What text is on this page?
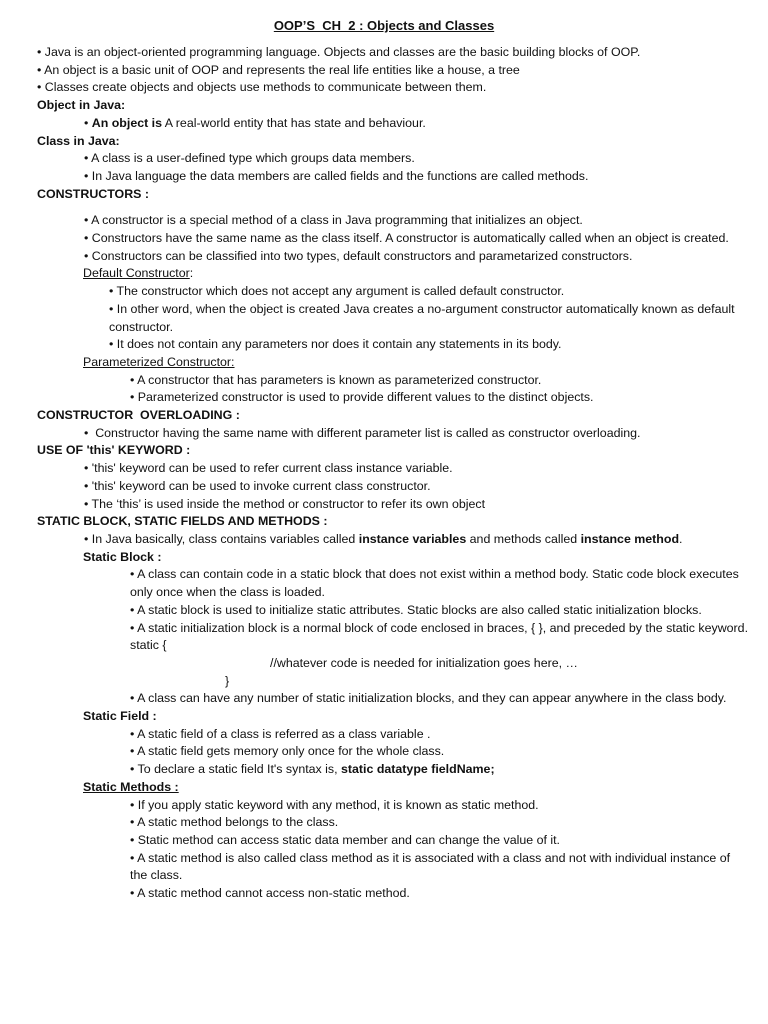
OOP’S_CH_2 : Objects and Classes
• Java is an object-oriented programming language. Objects and classes are the basic building blocks of OOP.
• An object is a basic unit of OOP and represents the real life entities like a house, a tree
• Classes create objects and objects use methods to communicate between them.
Object in Java:
• An object is A real-world entity that has state and behaviour.
Class in Java:
• A class is a user-defined type which groups data members.
• In Java language the data members are called fields and the functions are called methods.
CONSTRUCTORS :
• A constructor is a special method of a class in Java programming that initializes an object.
• Constructors have the same name as the class itself. A constructor is automatically called when an object is created.
• Constructors can be classified into two types, default constructors and parametarized constructors.
Default Constructor:
• The constructor which does not accept any argument is called default constructor.
• In other word, when the object is created Java creates a no-argument constructor automatically known as default constructor.
• It does not contain any parameters nor does it contain any statements in its body.
Parameterized Constructor:
• A constructor that has parameters is known as parameterized constructor.
• Parameterized constructor is used to provide different values to the distinct objects.
CONSTRUCTOR  OVERLOADING :
•  Constructor having the same name with different parameter list is called as constructor overloading.
USE OF 'this' KEYWORD :
• 'this' keyword can be used to refer current class instance variable.
• 'this' keyword can be used to invoke current class constructor.
• The ‘this’ is used inside the method or constructor to refer its own object
STATIC BLOCK, STATIC FIELDS AND METHODS :
• In Java basically, class contains variables called instance variables and methods called instance method.
Static Block :
• A class can contain code in a static block that does not exist within a method body. Static code block executes only once when the class is loaded.
• A static block is used to initialize static attributes. Static blocks are also called static initialization blocks.
• A static initialization block is a normal block of code enclosed in braces, { }, and preceded by the static keyword.  static {
//whatever code is needed for initialization goes here, …
}
• A class can have any number of static initialization blocks, and they can appear anywhere in the class body.
Static Field :
• A static field of a class is referred as a class variable .
• A static field gets memory only once for the whole class.
• To declare a static field It's syntax is, static datatype fieldName;
Static Methods :
• If you apply static keyword with any method, it is known as static method.
• A static method belongs to the class.
• Static method can access static data member and can change the value of it.
• A static method is also called class method as it is associated with a class and not with individual instance of the class.
• A static method cannot access non-static method.
